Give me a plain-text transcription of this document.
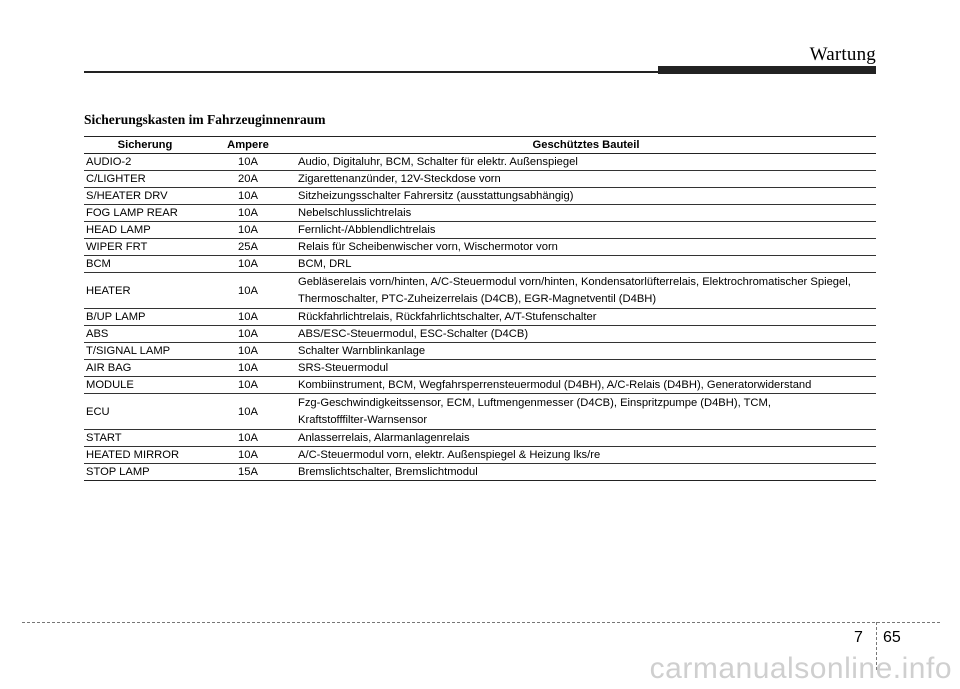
Wartung
Sicherungskasten im Fahrzeuginnenraum
Sicherung	Ampere	Geschütztes Bauteil
AUDIO-2	10A	Audio, Digitaluhr, BCM, Schalter für elektr. Außenspiegel
C/LIGHTER	20A	Zigarettenanzünder, 12V-Steckdose vorn
S/HEATER DRV	10A	Sitzheizungsschalter Fahrersitz (ausstattungsabhängig)
FOG LAMP REAR	10A	Nebelschlusslichtrelais
HEAD LAMP	10A	Fernlicht-/Abblendlichtrelais
WIPER FRT	25A	Relais für Scheibenwischer vorn, Wischermotor vorn
BCM	10A	BCM, DRL
HEATER	10A	Gebläserelais vorn/hinten, A/C-Steuermodul vorn/hinten, Kondensatorlüfterrelais, Elektrochromatischer Spiegel,
Thermoschalter, PTC-Zuheizerrelais (D4CB), EGR-Magnetventil (D4BH)

B/UP LAMP	10A	Rückfahrlichtrelais, Rückfahrlichtschalter, A/T-Stufenschalter
ABS	10A	ABS/ESC-Steuermodul, ESC-Schalter (D4CB)
T/SIGNAL LAMP	10A	Schalter Warnblinkanlage
AIR BAG	10A	SRS-Steuermodul
MODULE	10A	Kombiinstrument, BCM, Wegfahrsperrensteuermodul (D4BH), A/C-Relais (D4BH), Generatorwiderstand
ECU	10A	Fzg-Geschwindigkeitssensor, ECM, Luftmengenmesser (D4CB), Einspritzpumpe (D4BH), TCM,
Kraftstofffilter-Warnsensor

START	10A	Anlasserrelais, Alarmanlagenrelais
HEATED MIRROR	10A	A/C-Steuermodul vorn, elektr. Außenspiegel & Heizung lks/re
STOP LAMP	15A	Bremslichtschalter, Bremslichtmodul
7 65
carmanualsonline.info
